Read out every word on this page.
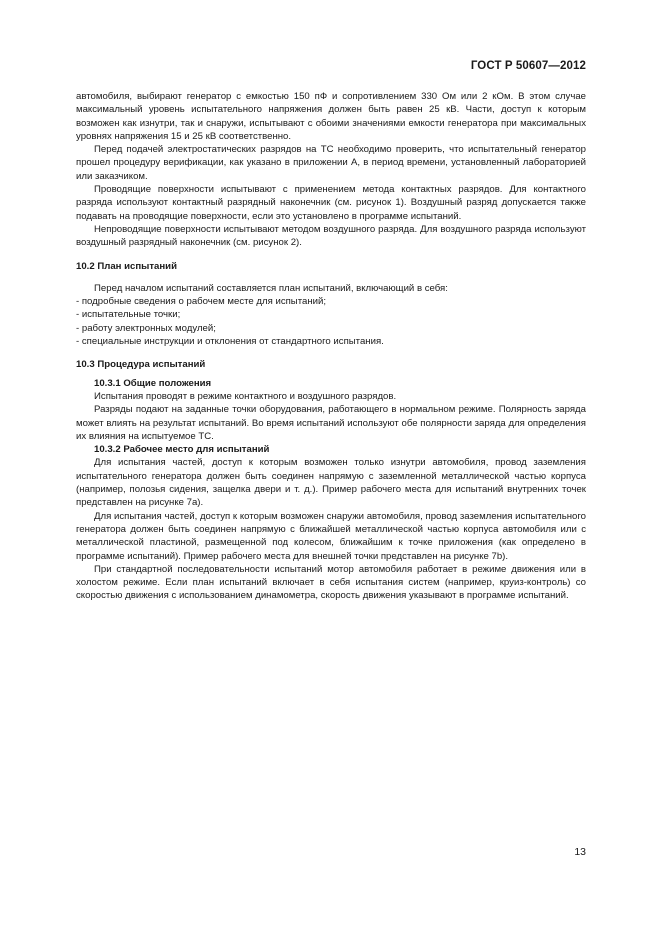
ГОСТ Р 50607—2012

автомобиля, выбирают генератор с емкостью 150 пФ и сопротивлением 330 Ом или 2 кОм. В этом случае максимальный уровень испытательного напряжения должен быть равен 25 кВ. Части, доступ к которым возможен как изнутри, так и снаружи, испытывают с обоими значениями емкости генератора при максимальных уровнях напряжения 15 и 25 кВ соответственно.

Перед подачей электростатических разрядов на ТС необходимо проверить, что испытательный генератор прошел процедуру верификации, как указано в приложении А, в период времени, установленный лабораторией или заказчиком.

Проводящие поверхности испытывают с применением метода контактных разрядов. Для контактного разряда используют контактный разрядный наконечник (см. рисунок 1). Воздушный разряд допускается также подавать на проводящие поверхности, если это установлено в программе испытаний.

Непроводящие поверхности испытывают методом воздушного разряда. Для воздушного разряда используют воздушный разрядный наконечник (см. рисунок 2).

10.2 План испытаний

Перед началом испытаний составляется план испытаний, включающий в себя:

- подробные сведения о рабочем месте для испытаний;
- испытательные точки;
- работу электронных модулей;
- специальные инструкции и отклонения от стандартного испытания.

10.3 Процедура испытаний

10.3.1 Общие положения

Испытания проводят в режиме контактного и воздушного разрядов.

Разряды подают на заданные точки оборудования, работающего в нормальном режиме. Полярность заряда может влиять на результат испытаний. Во время испытаний используют обе полярности заряда для определения их влияния на испытуемое ТС.

10.3.2 Рабочее место для испытаний

Для испытания частей, доступ к которым возможен только изнутри автомобиля, провод заземления испытательного генератора должен быть соединен напрямую с заземленной металлической частью корпуса (например, полозья сидения, защелка двери и т. д.). Пример рабочего места для испытаний внутренних точек представлен на рисунке 7а).

Для испытания частей, доступ к которым возможен снаружи автомобиля, провод заземления испытательного генератора должен быть соединен напрямую с ближайшей металлической частью корпуса автомобиля или с металлической пластиной, размещенной под колесом, ближайшим к точке приложения (как определено в программе испытаний). Пример рабочего места для внешней точки представлен на рисунке 7b).

При стандартной последовательности испытаний мотор автомобиля работает в режиме движения или в холостом режиме. Если план испытаний включает в себя испытания систем (например, круиз-контроль) со скоростью движения с использованием динамометра, скорость движения указывают в программе испытаний.

13
